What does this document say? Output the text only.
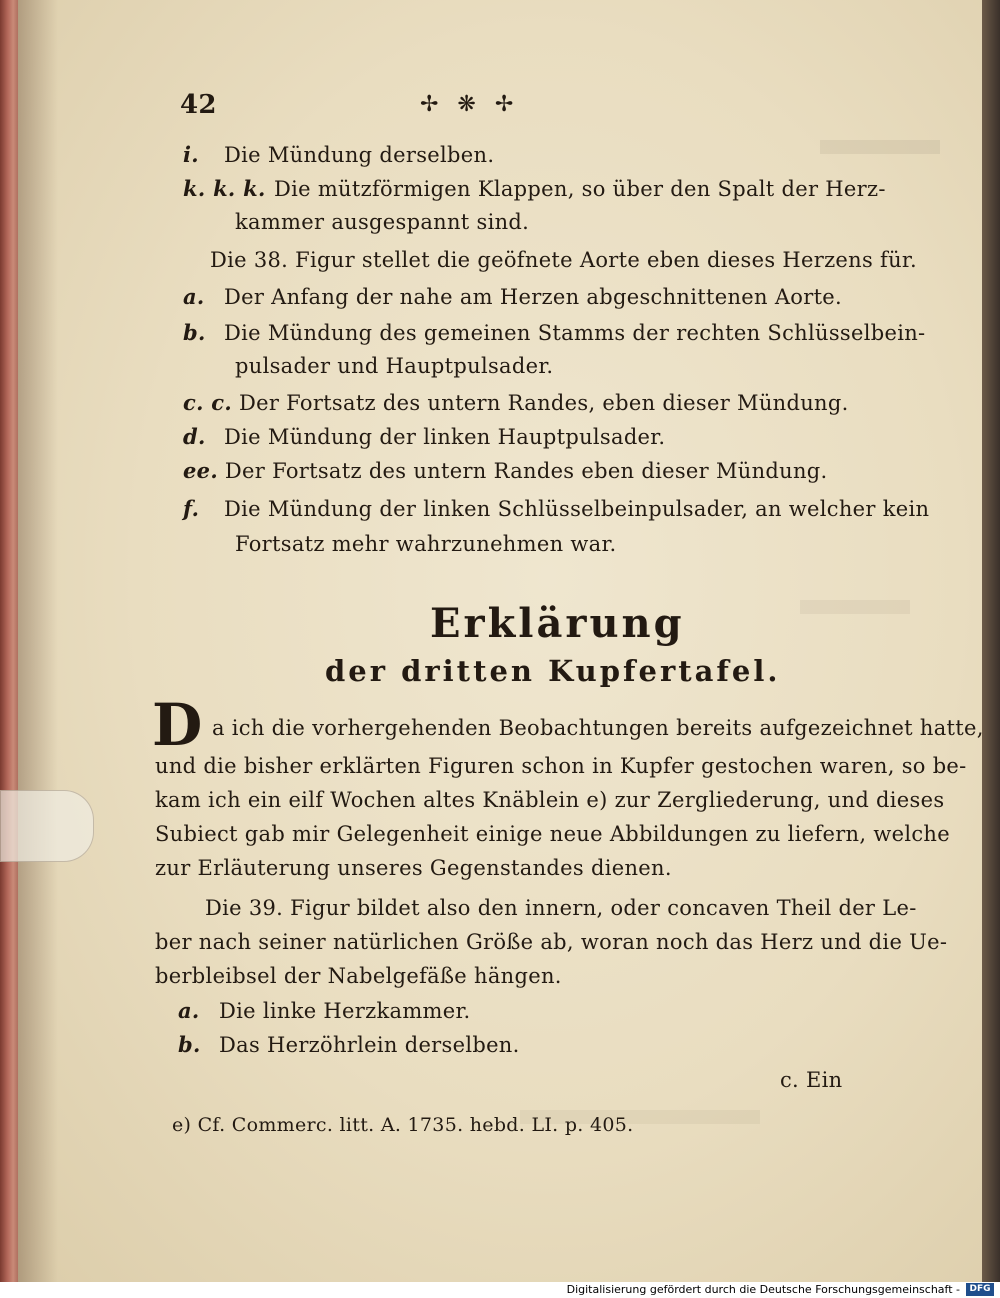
42	✢ ❋ ✢
i. Die Mündung derselben.
k. k. k. Die mützförmigen Klappen, so über den Spalt der Herz-
kammer ausgespannt sind.
Die 38. Figur stellet die geöfnete Aorte eben dieses Herzens für.
a. Der Anfang der nahe am Herzen abgeschnittenen Aorte.
b. Die Mündung des gemeinen Stamms der rechten Schlüsselbein-
pulsader und Hauptpulsader.
c. c. Der Fortsatz des untern Randes, eben dieser Mündung.
d. Die Mündung der linken Hauptpulsader.
ee. Der Fortsatz des untern Randes eben dieser Mündung.
f. Die Mündung der linken Schlüsselbeinpulsader, an welcher kein
Fortsatz mehr wahrzunehmen war.
Erklärung
der dritten Kupfertafel.
D a ich die vorhergehenden Beobachtungen bereits aufgezeichnet hatte,
und die bisher erklärten Figuren schon in Kupfer gestochen waren, so be-
kam ich ein eilf Wochen altes Knäblein e) zur Zergliederung, und dieses
Subiect gab mir Gelegenheit einige neue Abbildungen zu liefern, welche
zur Erläuterung unseres Gegenstandes dienen.
Die 39. Figur bildet also den innern, oder concaven Theil der Le-
ber nach seiner natürlichen Größe ab, woran noch das Herz und die Ue-
berbleibsel der Nabelgefäße hängen.
a. Die linke Herzkammer.
b. Das Herzöhrlein derselben.
c. Ein
e) Cf. Commerc. litt. A. 1735. hebd. LI. p. 405.
Digitalisierung gefördert durch die Deutsche Forschungsgemeinschaft -	DFG
